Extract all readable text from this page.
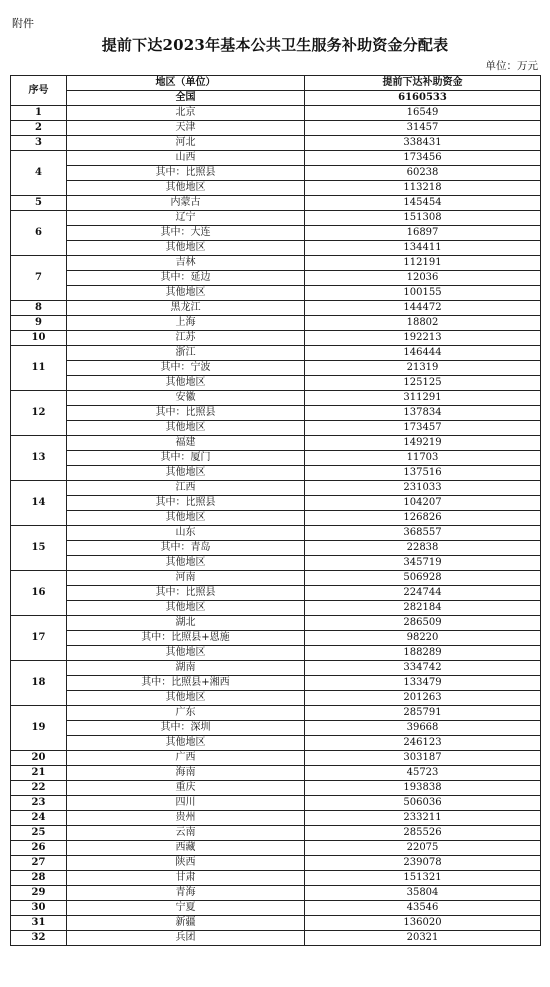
附件
提前下达2023年基本公共卫生服务补助资金分配表
单位：万元
序号	地区（单位）	提前下达补助资金
	全国	6160533
1	北京	16549
2	天津	31457
3	河北	338431
4	山西	173456
	其中：比照县	60238
	其他地区	113218
5	内蒙古	145454
6	辽宁	151308
	其中：大连	16897
	其他地区	134411
7	吉林	112191
	其中：延边	12036
	其他地区	100155
8	黑龙江	144472
9	上海	18802
10	江苏	192213
11	浙江	146444
	其中：宁波	21319
	其他地区	125125
12	安徽	311291
	其中：比照县	137834
	其他地区	173457
13	福建	149219
	其中：厦门	11703
	其他地区	137516
14	江西	231033
	其中：比照县	104207
	其他地区	126826
15	山东	368557
	其中：青岛	22838
	其他地区	345719
16	河南	506928
	其中：比照县	224744
	其他地区	282184
17	湖北	286509
	其中：比照县+恩施	98220
	其他地区	188289
18	湖南	334742
	其中：比照县+湘西	133479
	其他地区	201263
19	广东	285791
	其中：深圳	39668
	其他地区	246123
20	广西	303187
21	海南	45723
22	重庆	193838
23	四川	506036
24	贵州	233211
25	云南	285526
26	西藏	22075
27	陕西	239078
28	甘肃	151321
29	青海	35804
30	宁夏	43546
31	新疆	136020
32	兵团	20321
